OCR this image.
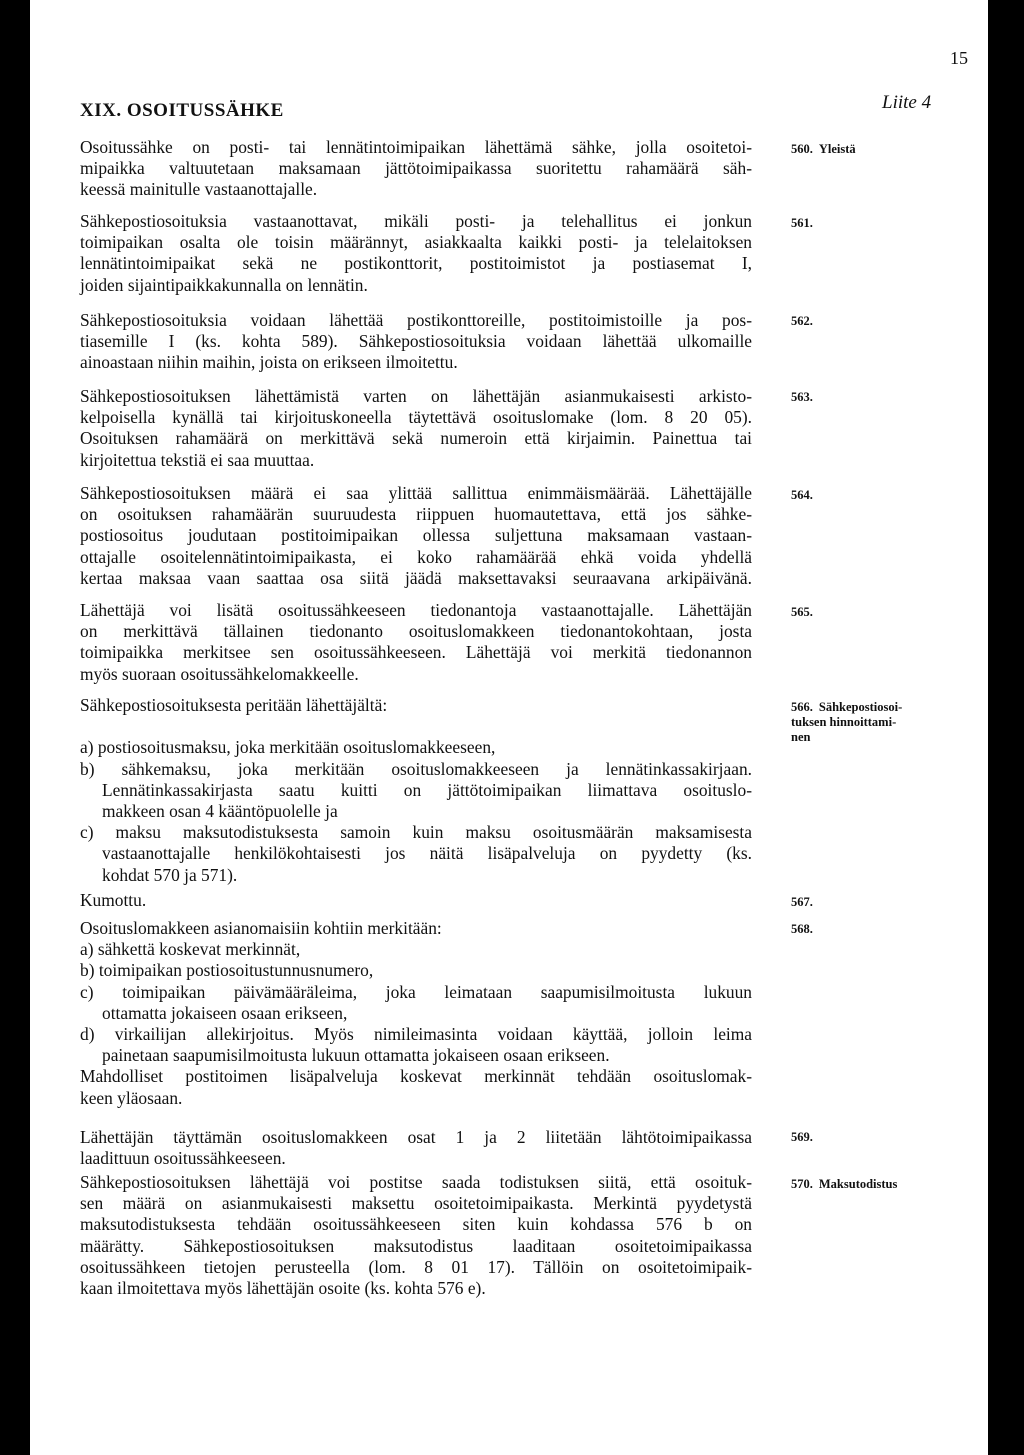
15
Liite 4
XIX. OSOITUSSÄHKE
Osoitussähke on posti- tai lennätintoimipaikan lähettämä sähke, jolla osoitetoi-
mipaikka valtuutetaan maksamaan jättötoimipaikassa suoritettu rahamäärä säh-
keessä mainitulle vastaanottajalle.
560. Yleistä
Sähkepostiosoituksia vastaanottavat, mikäli posti- ja telehallitus ei jonkun
toimipaikan osalta ole toisin määrännyt, asiakkaalta kaikki posti- ja telelaitoksen
lennätintoimipaikat sekä ne postikonttorit, postitoimistot ja postiasemat I,
joiden sijaintipaikkakunnalla on lennätin.
561.
Sähkepostiosoituksia voidaan lähettää postikonttoreille, postitoimistoille ja pos-
tiasemille I (ks. kohta 589). Sähkepostiosoituksia voidaan lähettää ulkomaille
ainoastaan niihin maihin, joista on erikseen ilmoitettu.
562.
Sähkepostiosoituksen lähettämistä varten on lähettäjän asianmukaisesti arkisto-
kelpoisella kynällä tai kirjoituskoneella täytettävä osoituslomake (lom. 8 20 05).
Osoituksen rahamäärä on merkittävä sekä numeroin että kirjaimin. Painettua tai
kirjoitettua tekstiä ei saa muuttaa.
563.
Sähkepostiosoituksen määrä ei saa ylittää sallittua enimmäismäärää. Lähettäjälle
on osoituksen rahamäärän suuruudesta riippuen huomautettava, että jos sähke-
postiosoitus joudutaan postitoimipaikan ollessa suljettuna maksamaan vastaan-
ottajalle osoitelennätintoimipaikasta, ei koko rahamäärää ehkä voida yhdellä
kertaa maksaa vaan saattaa osa siitä jäädä maksettavaksi seuraavana arkipäivänä.
564.
Lähettäjä voi lisätä osoitussähkeeseen tiedonantoja vastaanottajalle. Lähettäjän
on merkittävä tällainen tiedonanto osoituslomakkeen tiedonantokohtaan, josta
toimipaikka merkitsee sen osoitussähkeeseen. Lähettäjä voi merkitä tiedonannon
myös suoraan osoitussähkelomakkeelle.
565.
Sähkepostiosoituksesta peritään lähettäjältä:

a) postiosoitusmaksu, joka merkitään osoituslomakkeeseen,
b) sähkemaksu, joka merkitään osoituslomakkeeseen ja lennätinkassakirjaan.
Lennätinkassakirjasta saatu kuitti on jättötoimipaikan liimattava osoituslo-
makkeen osan 4 kääntöpuolelle ja
c) maksu maksutodistuksesta samoin kuin maksu osoitusmäärän maksamisesta
vastaanottajalle henkilökohtaisesti jos näitä lisäpalveluja on pyydetty (ks.
kohdat 570 ja 571).
566. Sähkepostiosoi-
tuksen hinnoittami-
nen
Kumottu.	567.
Osoituslomakkeen asianomaisiin kohtiin merkitään:
a) sähkettä koskevat merkinnät,
b) toimipaikan postiosoitustunnusnumero,
c) toimipaikan päivämääräleima, joka leimataan saapumisilmoitusta lukuun
ottamatta jokaiseen osaan erikseen,
d) virkailijan allekirjoitus. Myös nimileimasinta voidaan käyttää, jolloin leima
painetaan saapumisilmoitusta lukuun ottamatta jokaiseen osaan erikseen.
Mahdolliset postitoimen lisäpalveluja koskevat merkinnät tehdään osoituslomak-
keen yläosaan.
568.
Lähettäjän täyttämän osoituslomakkeen osat 1 ja 2 liitetään lähtötoimipaikassa
laadittuun osoitussähkeeseen.
569.
Sähkepostiosoituksen lähettäjä voi postitse saada todistuksen siitä, että osoituk-
sen määrä on asianmukaisesti maksettu osoitetoimipaikasta. Merkintä pyydetystä
maksutodistuksesta tehdään osoitussähkeeseen siten kuin kohdassa 576 b on
määrätty. Sähkepostiosoituksen maksutodistus laaditaan osoitetoimipaikassa
osoitussähkeen tietojen perusteella (lom. 8 01 17). Tällöin on osoitetoimipaik-
kaan ilmoitettava myös lähettäjän osoite (ks. kohta 576 e).
570. Maksutodistus
